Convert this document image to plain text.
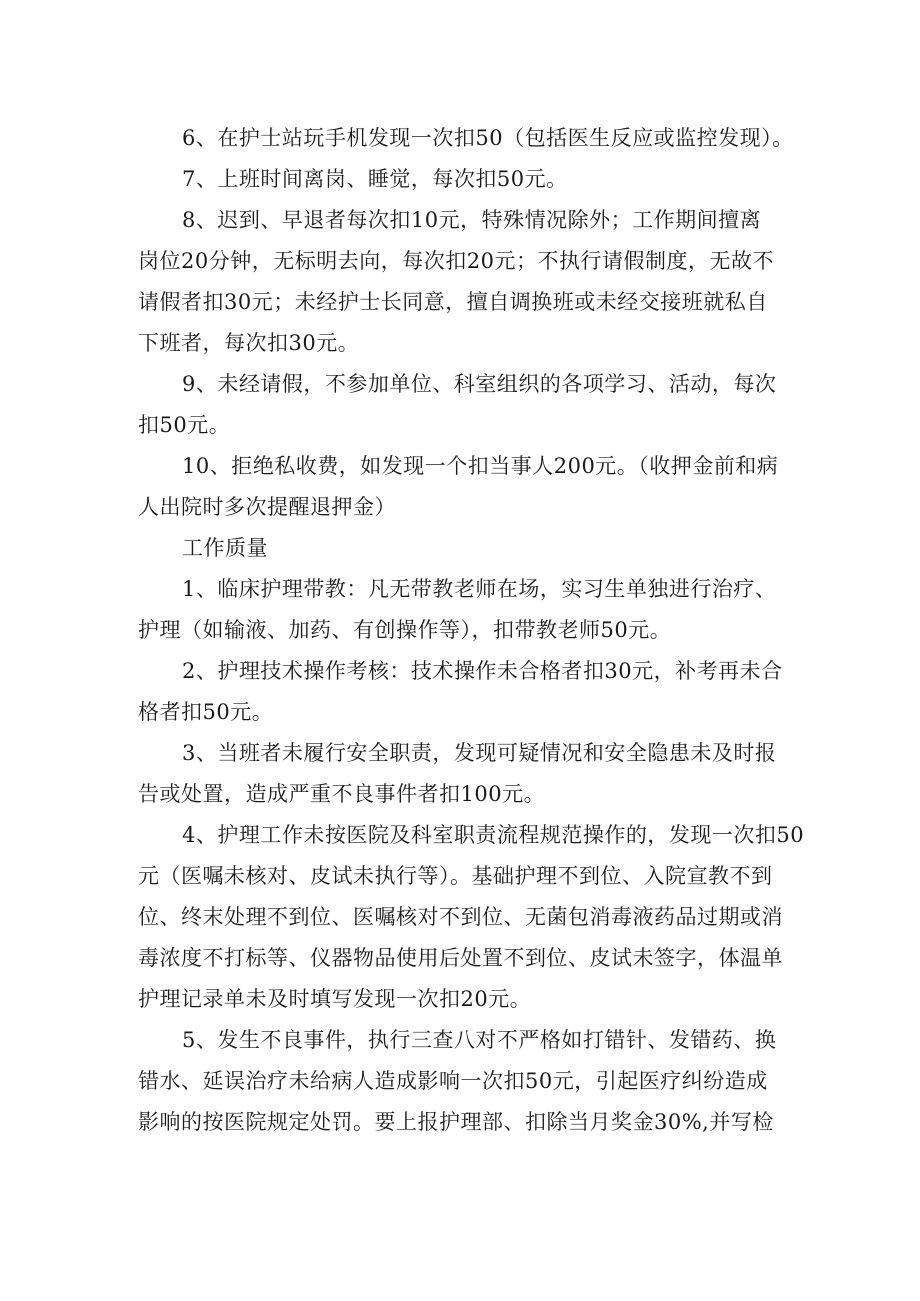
6、在护士站玩手机发现一次扣50（包括医生反应或监控发现）。
7、上班时间离岗、睡觉，每次扣50元。
8、迟到、早退者每次扣10元，特殊情况除外；工作期间擅离
岗位20分钟，无标明去向，每次扣20元；不执行请假制度，无故不
请假者扣30元；未经护士长同意，擅自调换班或未经交接班就私自
下班者，每次扣30元。
9、未经请假，不参加单位、科室组织的各项学习、活动，每次
扣50元。
10、拒绝私收费，如发现一个扣当事人200元。（收押金前和病
人出院时多次提醒退押金）
工作质量
1、临床护理带教：凡无带教老师在场，实习生单独进行治疗、
护理（如输液、加药、有创操作等），扣带教老师50元。
2、护理技术操作考核：技术操作未合格者扣30元，补考再未合
格者扣50元。
3、当班者未履行安全职责，发现可疑情况和安全隐患未及时报
告或处置，造成严重不良事件者扣100元。
4、护理工作未按医院及科室职责流程规范操作的，发现一次扣50
元（医嘱未核对、皮试未执行等）。基础护理不到位、入院宣教不到
位、终末处理不到位、医嘱核对不到位、无菌包消毒液药品过期或消
毒浓度不打标等、仪器物品使用后处置不到位、皮试未签字，体温单
护理记录单未及时填写发现一次扣20元。
5、发生不良事件，执行三查八对不严格如打错针、发错药、换
错水、延误治疗未给病人造成影响一次扣50元，引起医疗纠纷造成
影响的按医院规定处罚。要上报护理部、扣除当月奖金30%,并写检
